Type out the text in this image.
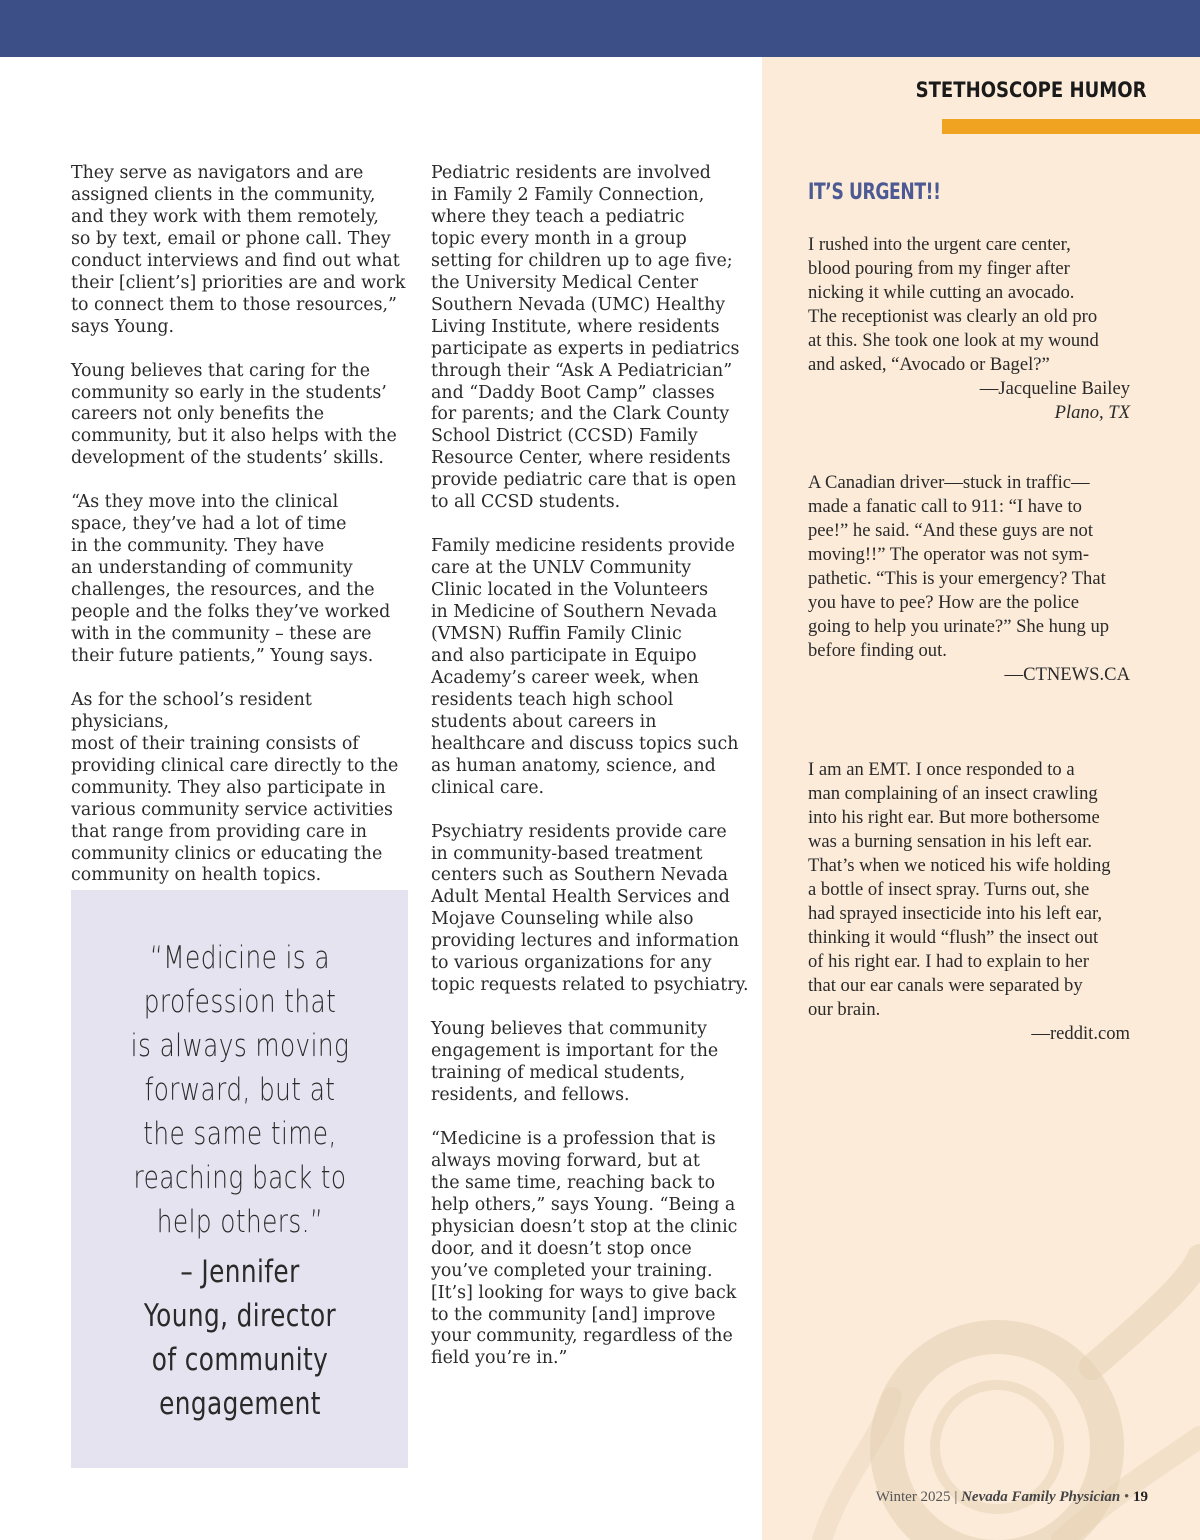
STETHOSCOPE HUMOR

They serve as navigators and are
assigned clients in the community,
and they work with them remotely,
so by text, email or phone call. They
conduct interviews and find out what
their [client’s] priorities are and work
to connect them to those resources,”
says Young.

Young believes that caring for the
community so early in the students’
careers not only benefits the
community, but it also helps with the
development of the students’ skills.

“As they move into the clinical
space, they’ve had a lot of time
in the community. They have
an understanding of community
challenges, the resources, and the
people and the folks they’ve worked
with in the community – these are
their future patients,” Young says.

As for the school’s resident physicians,
most of their training consists of
providing clinical care directly to the
community. They also participate in
various community service activities
that range from providing care in
community clinics or educating the
community on health topics.

Pediatric residents are involved
in Family 2 Family Connection,
where they teach a pediatric
topic every month in a group
setting for children up to age five;
the University Medical Center
Southern Nevada (UMC) Healthy
Living Institute, where residents
participate as experts in pediatrics
through their “Ask A Pediatrician”
and “Daddy Boot Camp” classes
for parents; and the Clark County
School District (CCSD) Family
Resource Center, where residents
provide pediatric care that is open
to all CCSD students.

Family medicine residents provide
care at the UNLV Community
Clinic located in the Volunteers
in Medicine of Southern Nevada
(VMSN) Ruffin Family Clinic
and also participate in Equipo
Academy’s career week, when
residents teach high school
students about careers in
healthcare and discuss topics such
as human anatomy, science, and
clinical care.

Psychiatry residents provide care
in community-based treatment
centers such as Southern Nevada
Adult Mental Health Services and
Mojave Counseling while also
providing lectures and information
to various organizations for any
topic requests related to psychiatry.

Young believes that community
engagement is important for the
training of medical students,
residents, and fellows.

“Medicine is a profession that is
always moving forward, but at
the same time, reaching back to
help others,” says Young. “Being a
physician doesn’t stop at the clinic
door, and it doesn’t stop once
you’ve completed your training.
[It’s] looking for ways to give back
to the community [and] improve
your community, regardless of the
field you’re in.”

“Medicine is a
profession that
is always moving
forward, but at
the same time,
reaching back to
help others.”
– Jennifer
Young, director
of community
engagement
IT’S URGENT!!
I rushed into the urgent care center,
blood pouring from my finger after
nicking it while cutting an avocado.
The receptionist was clearly an old pro
at this. She took one look at my wound
and asked, “Avocado or Bagel?”
—Jacqueline Bailey
Plano, TX
A Canadian driver—stuck in traffic—
made a fanatic call to 911: “I have to
pee!” he said. “And these guys are not
moving!!” The operator was not sym-
pathetic. “This is your emergency? That
you have to pee? How are the police
going to help you urinate?” She hung up
before finding out.
—CTNEWS.CA
I am an EMT. I once responded to a
man complaining of an insect crawling
into his right ear. But more bothersome
was a burning sensation in his left ear.
That’s when we noticed his wife holding
a bottle of insect spray. Turns out, she
had sprayed insecticide into his left ear,
thinking it would “flush” the insect out
of his right ear. I had to explain to her
that our ear canals were separated by
our brain.
—reddit.com
Winter 2025 | Nevada Family Physician • 19
